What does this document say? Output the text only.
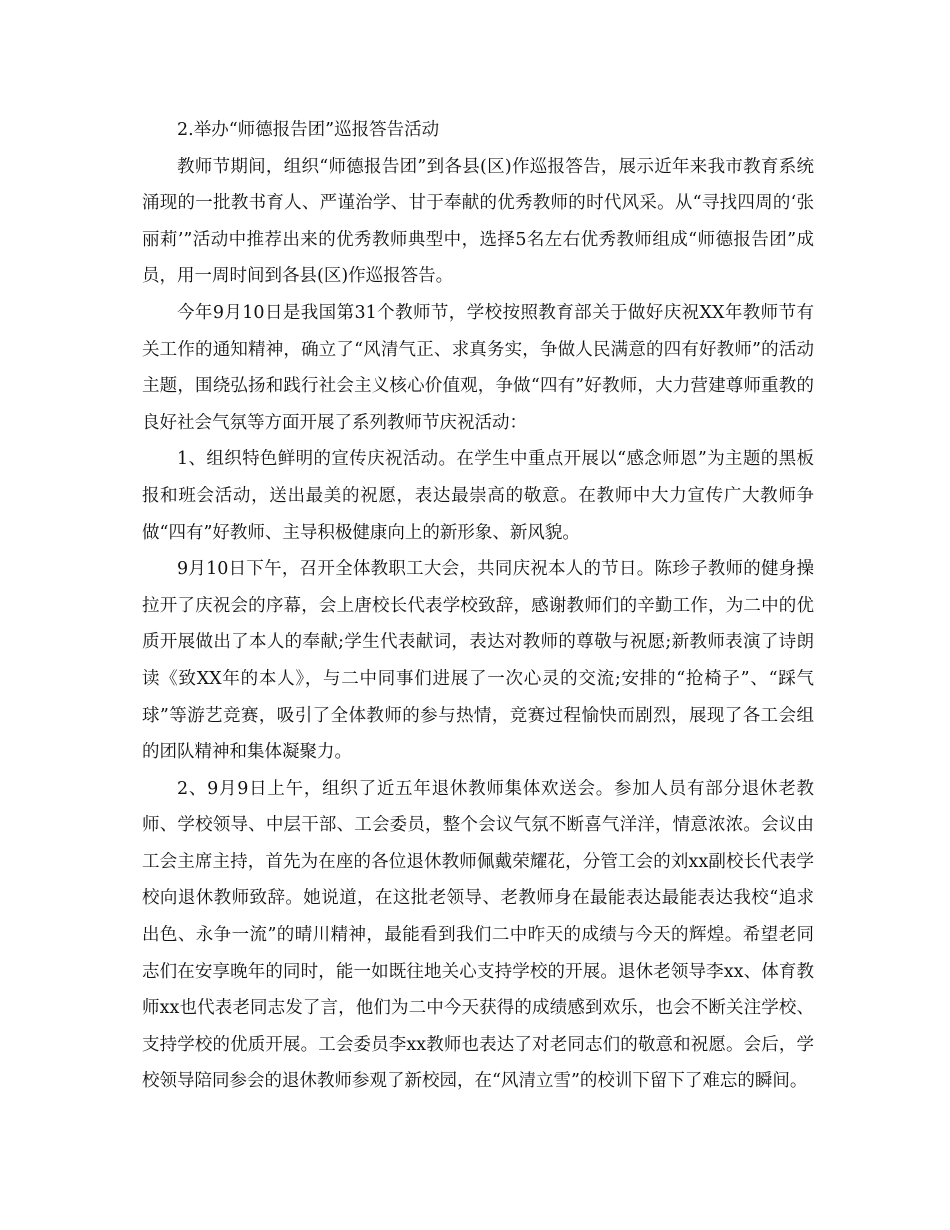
2.举办“师德报告团”巡报答告活动

教师节期间，组织“师德报告团”到各县(区)作巡报答告，展示近年来我市教育系统涌现的一批教书育人、严谨治学、甘于奉献的优秀教师的时代风采。从“寻找四周的‘张丽莉’”活动中推荐出来的优秀教师典型中，选择5名左右优秀教师组成“师德报告团”成员，用一周时间到各县(区)作巡报答告。

今年9月10日是我国第31个教师节，学校按照教育部关于做好庆祝XX年教师节有关工作的通知精神，确立了“风清气正、求真务实，争做人民满意的四有好教师”的活动主题，围绕弘扬和践行社会主义核心价值观，争做“四有”好教师，大力营建尊师重教的良好社会气氛等方面开展了系列教师节庆祝活动：

1、组织特色鲜明的宣传庆祝活动。在学生中重点开展以“感念师恩”为主题的黑板报和班会活动，送出最美的祝愿，表达最崇高的敬意。在教师中大力宣传广大教师争做“四有”好教师、主导积极健康向上的新形象、新风貌。

9月10日下午，召开全体教职工大会，共同庆祝本人的节日。陈珍子教师的健身操拉开了庆祝会的序幕，会上唐校长代表学校致辞，感谢教师们的辛勤工作，为二中的优质开展做出了本人的奉献;学生代表献词，表达对教师的尊敬与祝愿;新教师表演了诗朗读《致XX年的本人》，与二中同事们进展了一次心灵的交流;安排的“抢椅子”、“踩气球”等游艺竞赛，吸引了全体教师的参与热情，竞赛过程愉快而剧烈，展现了各工会组的团队精神和集体凝聚力。

2、9月9日上午，组织了近五年退休教师集体欢送会。参加人员有部分退休老教师、学校领导、中层干部、工会委员，整个会议气氛不断喜气洋洋，情意浓浓。会议由工会主席主持，首先为在座的各位退休教师佩戴荣耀花，分管工会的刘xx副校长代表学校向退休教师致辞。她说道，在这批老领导、老教师身在最能表达最能表达我校“追求出色、永争一流”的晴川精神，最能看到我们二中昨天的成绩与今天的辉煌。希望老同志们在安享晚年的同时，能一如既往地关心支持学校的开展。退休老领导李xx、体育教师xx也代表老同志发了言，他们为二中今天获得的成绩感到欢乐，也会不断关注学校、支持学校的优质开展。工会委员李xx教师也表达了对老同志们的敬意和祝愿。会后，学校领导陪同参会的退休教师参观了新校园，在“风清立雪”的校训下留下了难忘的瞬间。
